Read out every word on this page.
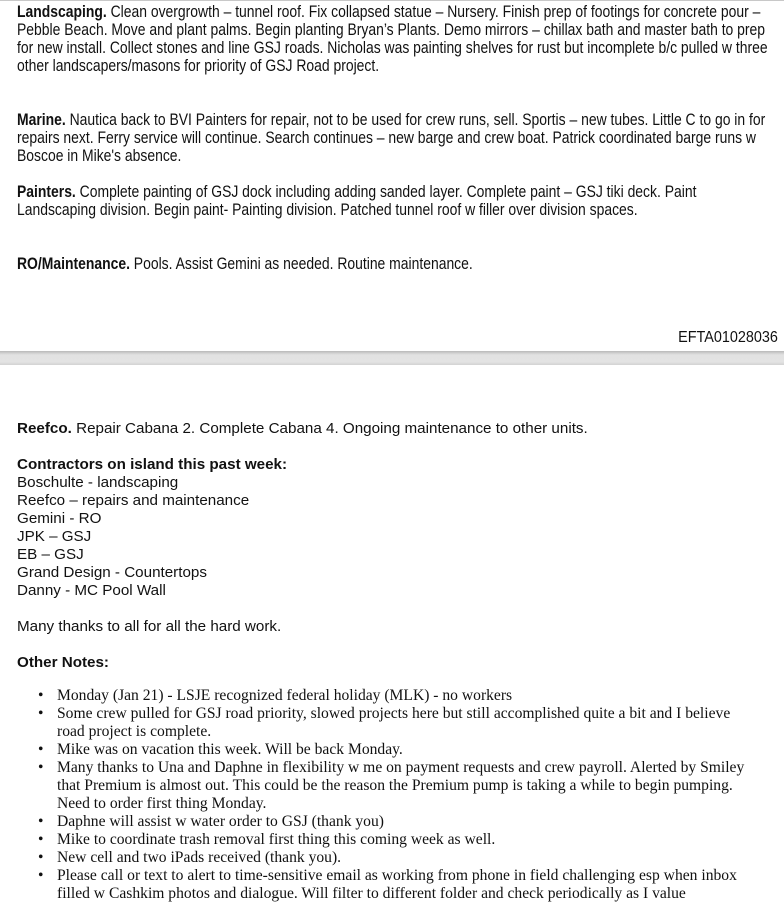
Landscaping. Clean overgrowth – tunnel roof. Fix collapsed statue – Nursery. Finish prep of footings for concrete pour – Pebble Beach. Move and plant palms. Begin planting Bryan’s Plants. Demo mirrors – chillax bath and master bath to prep for new install. Collect stones and line GSJ roads. Nicholas was painting shelves for rust but incomplete b/c pulled w three other landscapers/masons for priority of GSJ Road project.

Marine. Nautica back to BVI Painters for repair, not to be used for crew runs, sell. Sportis – new tubes. Little C to go in for repairs next. Ferry service will continue. Search continues – new barge and crew boat. Patrick coordinated barge runs w Boscoe in Mike's absence.

Painters. Complete painting of GSJ dock including adding sanded layer. Complete paint – GSJ tiki deck. Paint Landscaping division. Begin paint- Painting division. Patched tunnel roof w filler over division spaces.

RO/Maintenance. Pools. Assist Gemini as needed. Routine maintenance.

EFTA01028036

Reefco. Repair Cabana 2. Complete Cabana 4. Ongoing maintenance to other units.

Contractors on island this past week:
Boschulte - landscaping
Reefco – repairs and maintenance
Gemini - RO
JPK – GSJ
EB – GSJ
Grand Design - Countertops
Danny - MC Pool Wall

Many thanks to all for all the hard work.

Other Notes:

• Monday (Jan 21) - LSJE recognized federal holiday (MLK) - no workers
• Some crew pulled for GSJ road priority, slowed projects here but still accomplished quite a bit and I believe road project is complete.
• Mike was on vacation this week. Will be back Monday.
• Many thanks to Una and Daphne in flexibility w me on payment requests and crew payroll. Alerted by Smiley that Premium is almost out. This could be the reason the Premium pump is taking a while to begin pumping. Need to order first thing Monday.
• Daphne will assist w water order to GSJ (thank you)
• Mike to coordinate trash removal first thing this coming week as well.
• New cell and two iPads received (thank you).
• Please call or text to alert to time-sensitive email as working from phone in field challenging esp when inbox filled w Cashkim photos and dialogue. Will filter to different folder and check periodically as I value
